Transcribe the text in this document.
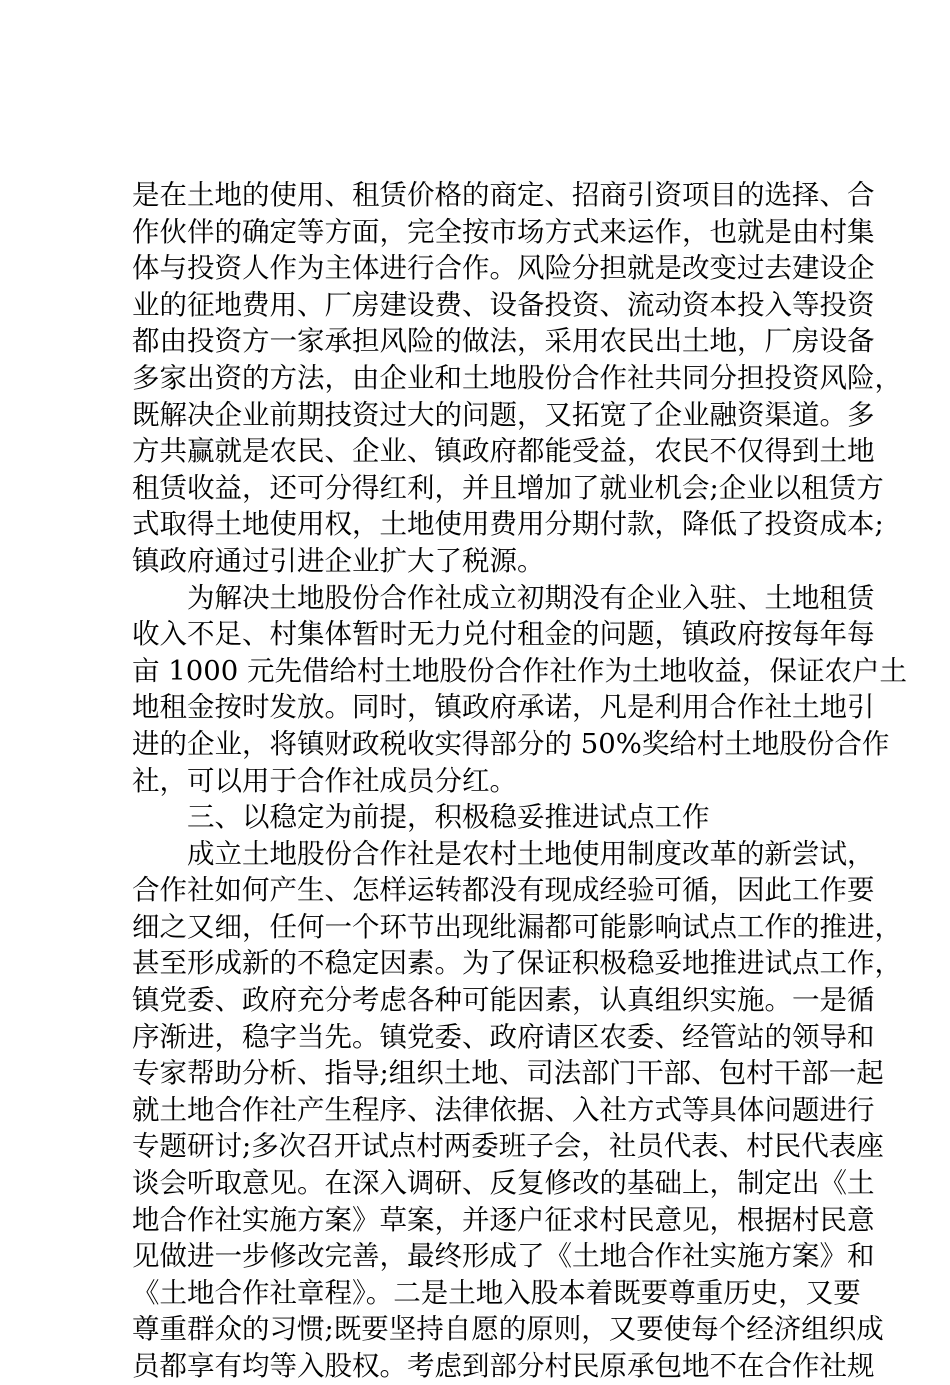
是在土地的使用、租赁价格的商定、招商引资项目的选择、合
作伙伴的确定等方面，完全按市场方式来运作，也就是由村集
体与投资人作为主体进行合作。风险分担就是改变过去建设企
业的征地费用、厂房建设费、设备投资、流动资本投入等投资
都由投资方一家承担风险的做法，采用农民出土地，厂房设备
多家出资的方法，由企业和土地股份合作社共同分担投资风险，
既解决企业前期技资过大的问题，又拓宽了企业融资渠道。多
方共赢就是农民、企业、镇政府都能受益，农民不仅得到土地
租赁收益，还可分得红利，并且增加了就业机会;企业以租赁方
式取得土地使用权，土地使用费用分期付款，降低了投资成本;
镇政府通过引进企业扩大了税源。
为解决土地股份合作社成立初期没有企业入驻、土地租赁
收入不足、村集体暂时无力兑付租金的问题，镇政府按每年每
亩 1000 元先借给村土地股份合作社作为土地收益，保证农户土
地租金按时发放。同时，镇政府承诺，凡是利用合作社土地引
进的企业，将镇财政税收实得部分的 50%奖给村土地股份合作
社，可以用于合作社成员分红。
三、以稳定为前提，积极稳妥推进试点工作
成立土地股份合作社是农村土地使用制度改革的新尝试，
合作社如何产生、怎样运转都没有现成经验可循，因此工作要
细之又细，任何一个环节出现纰漏都可能影响试点工作的推进，
甚至形成新的不稳定因素。为了保证积极稳妥地推进试点工作，
镇党委、政府充分考虑各种可能因素，认真组织实施。一是循
序渐进，稳字当先。镇党委、政府请区农委、经管站的领导和
专家帮助分析、指导;组织土地、司法部门干部、包村干部一起
就土地合作社产生程序、法律依据、入社方式等具体问题进行
专题研讨;多次召开试点村两委班子会，社员代表、村民代表座
谈会听取意见。在深入调研、反复修改的基础上，制定出《土
地合作社实施方案》草案，并逐户征求村民意见，根据村民意
见做进一步修改完善，最终形成了《土地合作社实施方案》和
《土地合作社章程》。二是土地入股本着既要尊重历史，又要
尊重群众的习惯;既要坚持自愿的原则，又要使每个经济组织成
员都享有均等入股权。考虑到部分村民原承包地不在合作社规
